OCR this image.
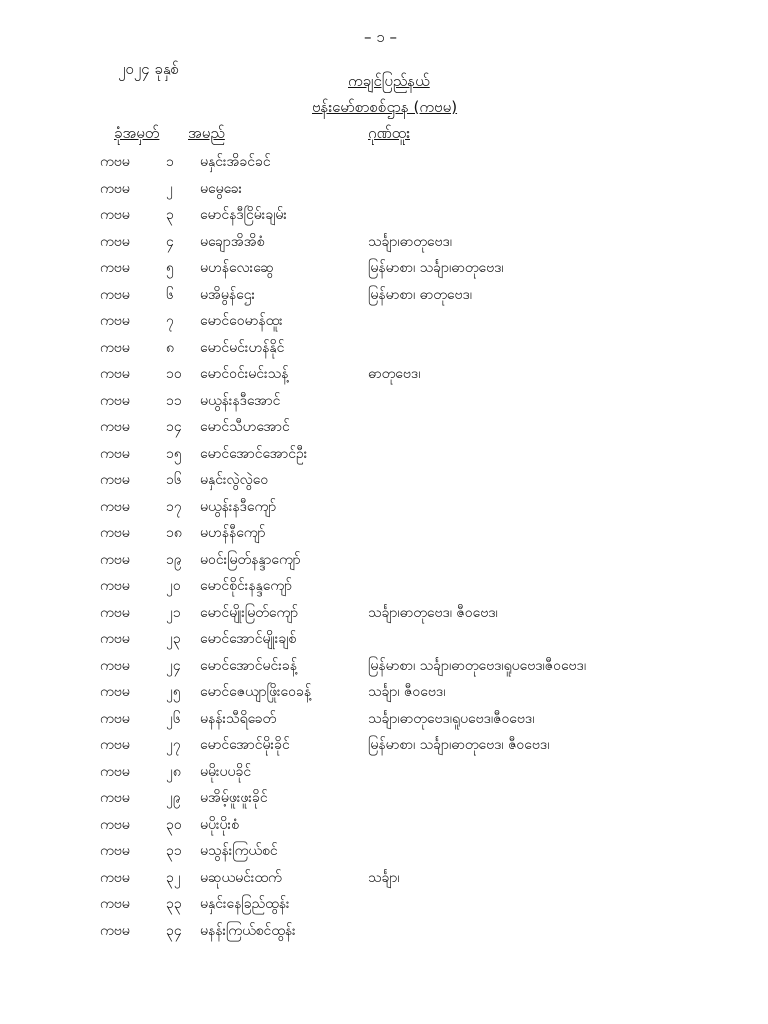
– ၁ –
၂၀၂၄ ခုနှစ်
ကချင်ပြည်နယ်
ဗန်းမော်စာစစ်ဌာန (ကဗမ)
ခုံအမှတ် အမည်	ဂုဏ်ထူး
ကဗမ	၁ မနှင်းအိခင်ခင်
ကဗမ	၂ မမွေခေး
ကဗမ	၃ မောင်နဒီငြိမ်းချမ်း
ကဗမ	၄ မချောအိအိစံ	သင်္ချာ၊ဓာတုဗေဒ၊
ကဗမ	၅ မဟန်လေးဆွေ	မြန်မာစာ၊ သင်္ချာ၊ဓာတုဗေဒ၊
ကဗမ	၆ မအိမွန်ဌေး	မြန်မာစာ၊ ဓာတုဗေဒ၊
ကဗမ	၇ မောင်ဝေမာန်ထူး
ကဗမ	၈ မောင်မင်းဟန်နိုင်
ကဗမ	၁၀ မောင်ဝင်းမင်းသန့်	ဓာတုဗေဒ၊
ကဗမ	၁၁ မယွန်းနဒီအောင်
ကဗမ	၁၄ မောင်သီဟအောင်
ကဗမ	၁၅ မောင်အောင်အောင်ဦး
ကဗမ	၁၆ မနှင်းလွဲလွဲဝေ
ကဗမ	၁၇ မယွန်းနဒီကျော်
ကဗမ	၁၈ မဟန်နီကျော်
ကဗမ	၁၉ မဝင်းမြတ်နန္ဒာကျော်
ကဗမ	၂၀ မောင်စိုင်းနန္ဒကျော်
ကဗမ	၂၁ မောင်မျိုးမြတ်ကျော်	သင်္ချာ၊ဓာတုဗေဒ၊ ဇီဝဗေဒ၊
ကဗမ	၂၃ မောင်အောင်မျိုးချစ်
ကဗမ	၂၄ မောင်အောင်မင်းခန့်	မြန်မာစာ၊ သင်္ချာ၊ဓာတုဗေဒ၊ရူပဗေဒ၊ဇီဝဗေဒ၊
ကဗမ	၂၅ မောင်ဇေယျာဖြိုးဝေခန့်	သင်္ချာ၊ ဇီဝဗေဒ၊
ကဗမ	၂၆ မနန်းသီရိခေတ်	သင်္ချာ၊ဓာတုဗေဒ၊ရူပဗေဒ၊ဇီဝဗေဒ၊
ကဗမ	၂၇ မောင်အောင်မိုးခိုင်	မြန်မာစာ၊ သင်္ချာ၊ဓာတုဗေဒ၊ ဇီဝဗေဒ၊
ကဗမ	၂၈ မမိုးပပခိုင်
ကဗမ	၂၉ မအိမ့်ဖူးဖူးခိုင်
ကဗမ	၃၀ မပိုးပိုးစံ
ကဗမ	၃၁ မသွန်းကြယ်စင်
ကဗမ	၃၂ မဆုယမင်းထက်	သင်္ချာ၊
ကဗမ	၃၃ မနှင်းနေခြည်ထွန်း
ကဗမ	၃၄ မနန်းကြယ်စင်ထွန်း
